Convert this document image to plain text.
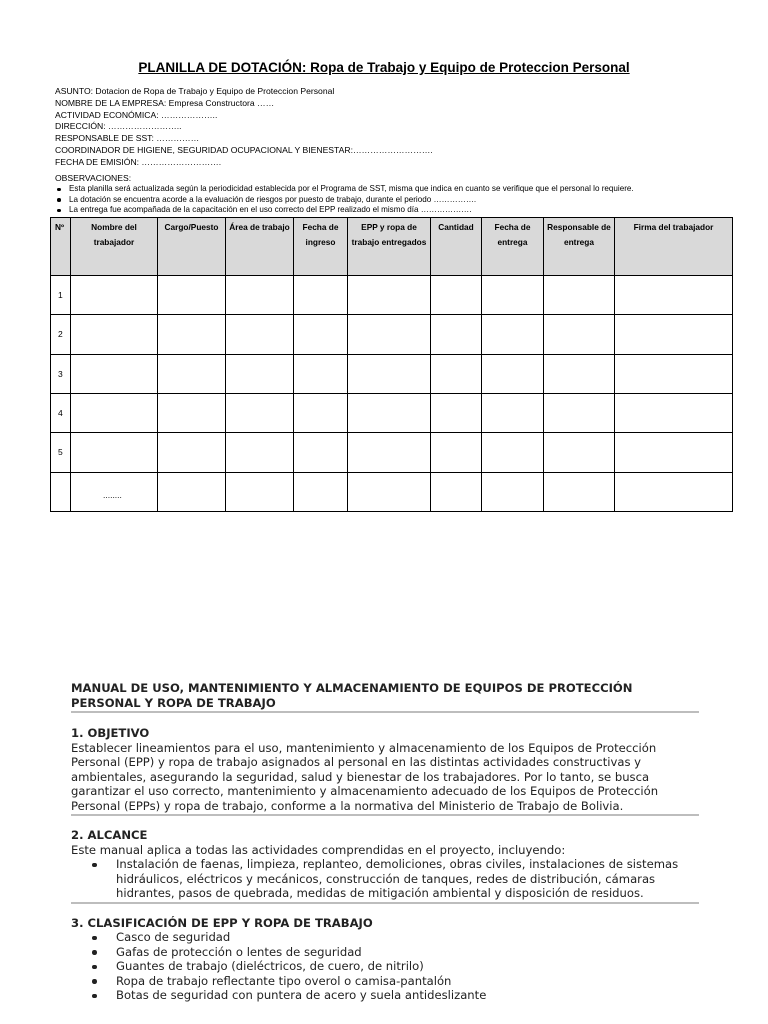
PLANILLA DE DOTACIÓN: Ropa de Trabajo y Equipo de Proteccion Personal
ASUNTO: Dotacion de Ropa de Trabajo y Equipo de Proteccion Personal
NOMBRE DE LA EMPRESA: Empresa Constructora ……
ACTIVIDAD ECONÓMICA: ………………..
DIRECCIÓN: ……………………..
RESPONSABLE DE SST: ……………
COORDINADOR DE HIGIENE, SEGURIDAD OCUPACIONAL Y BIENESTAR:……………………….
FECHA DE EMISIÓN: ……………………….
OBSERVACIONES:
Esta planilla será actualizada según la periodicidad establecida por el Programa de SST, misma que indica en cuanto se verifique que el personal lo requiere.
La dotación se encuentra acorde a la evaluación de riesgos por puesto de trabajo, durante el periodo …………….
La entrega fue acompañada de la capacitación en el uso correcto del EPP realizado el mismo día ……………….
Nº	Nombre del trabajador	Cargo/Puesto	Área de trabajo	Fecha de ingreso	EPP y ropa de trabajo entregados	Cantidad	Fecha de entrega	Responsable de entrega	Firma del trabajador
1									
2									
3									
4									
5									
	........								
MANUAL DE USO, MANTENIMIENTO Y ALMACENAMIENTO DE EQUIPOS DE PROTECCIÓN PERSONAL Y ROPA DE TRABAJO
1. OBJETIVO
Establecer lineamientos para el uso, mantenimiento y almacenamiento de los Equipos de Protección Personal (EPP) y ropa de trabajo asignados al personal en las distintas actividades constructivas y ambientales, asegurando la seguridad, salud y bienestar de los trabajadores. Por lo tanto, se busca garantizar el uso correcto, mantenimiento y almacenamiento adecuado de los Equipos de Protección Personal (EPPs) y ropa de trabajo, conforme a la normativa del Ministerio de Trabajo de Bolivia.
2. ALCANCE
Este manual aplica a todas las actividades comprendidas en el proyecto, incluyendo:
Instalación de faenas, limpieza, replanteo, demoliciones, obras civiles, instalaciones de sistemas hidráulicos, eléctricos y mecánicos, construcción de tanques, redes de distribución, cámaras hidrantes, pasos de quebrada, medidas de mitigación ambiental y disposición de residuos.
3. CLASIFICACIÓN DE EPP Y ROPA DE TRABAJO
Casco de seguridad
Gafas de protección o lentes de seguridad
Guantes de trabajo (dieléctricos, de cuero, de nitrilo)
Ropa de trabajo reflectante tipo overol o camisa-pantalón
Botas de seguridad con puntera de acero y suela antideslizante
